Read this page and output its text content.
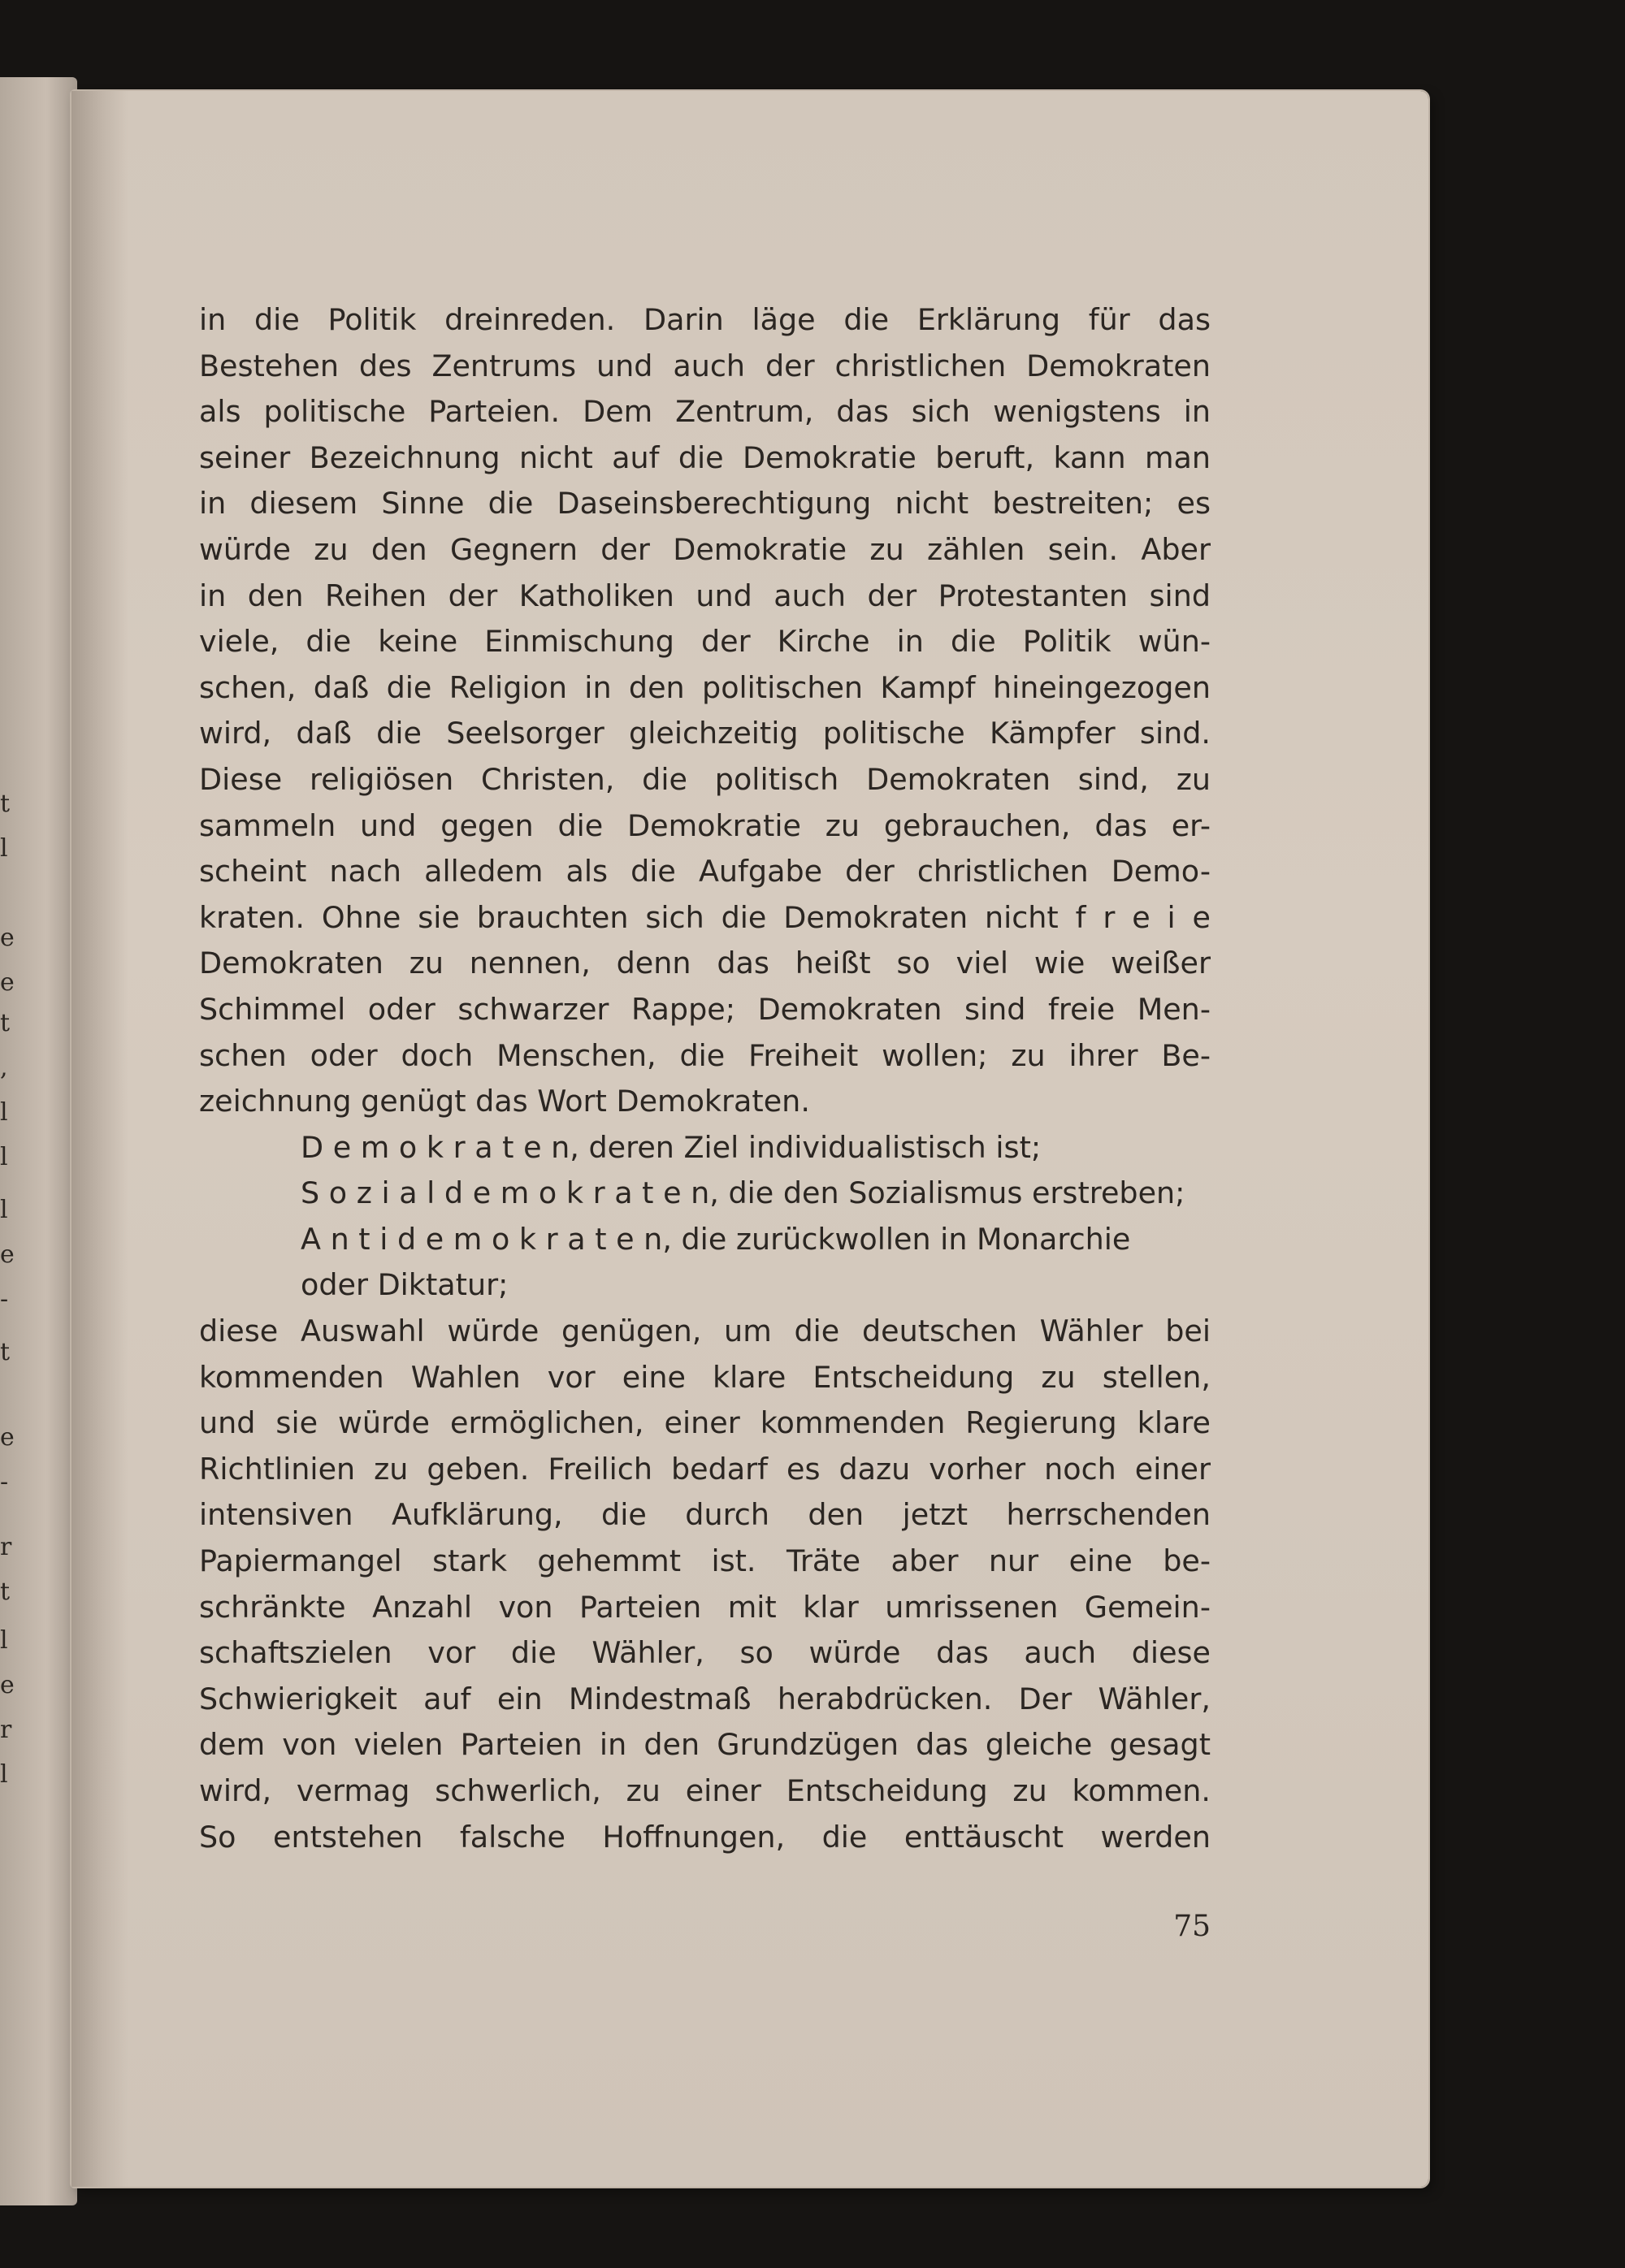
t
l
e
e
t
,
l
l
l
e
-
t
e
-
r
t
l
e
r
l
in die Politik dreinreden. Darin läge die Erklärung für das
Bestehen des Zentrums und auch der christlichen Demokraten
als politische Parteien. Dem Zentrum, das sich wenigstens in
seiner Bezeichnung nicht auf die Demokratie beruft, kann man
in diesem Sinne die Daseinsberechtigung nicht bestreiten; es
würde zu den Gegnern der Demokratie zu zählen sein. Aber
in den Reihen der Katholiken und auch der Protestanten sind
viele, die keine Einmischung der Kirche in die Politik wün-
schen, daß die Religion in den politischen Kampf hineingezogen
wird, daß die Seelsorger gleichzeitig politische Kämpfer sind.
Diese religiösen Christen, die politisch Demokraten sind, zu
sammeln und gegen die Demokratie zu gebrauchen, das er-
scheint nach alledem als die Aufgabe der christlichen Demo-
kraten. Ohne sie brauchten sich die Demokraten nicht f r e i e
Demokraten zu nennen, denn das heißt so viel wie weißer
Schimmel oder schwarzer Rappe; Demokraten sind freie Men-
schen oder doch Menschen, die Freiheit wollen; zu ihrer Be-
zeichnung genügt das Wort Demokraten.
D e m o k r a t e n, deren Ziel individualistisch ist;
S o z i a l d e m o k r a t e n, die den Sozialismus erstreben;
A n t i d e m o k r a t e n, die zurückwollen in Monarchie
oder Diktatur;
diese Auswahl würde genügen, um die deutschen Wähler bei
kommenden Wahlen vor eine klare Entscheidung zu stellen,
und sie würde ermöglichen, einer kommenden Regierung klare
Richtlinien zu geben. Freilich bedarf es dazu vorher noch einer
intensiven Aufklärung, die durch den jetzt herrschenden
Papiermangel stark gehemmt ist. Träte aber nur eine be-
schränkte Anzahl von Parteien mit klar umrissenen Gemein-
schaftszielen vor die Wähler, so würde das auch diese
Schwierigkeit auf ein Mindestmaß herabdrücken. Der Wähler,
dem von vielen Parteien in den Grundzügen das gleiche gesagt
wird, vermag schwerlich, zu einer Entscheidung zu kommen.
So entstehen falsche Hoffnungen, die enttäuscht werden
75
